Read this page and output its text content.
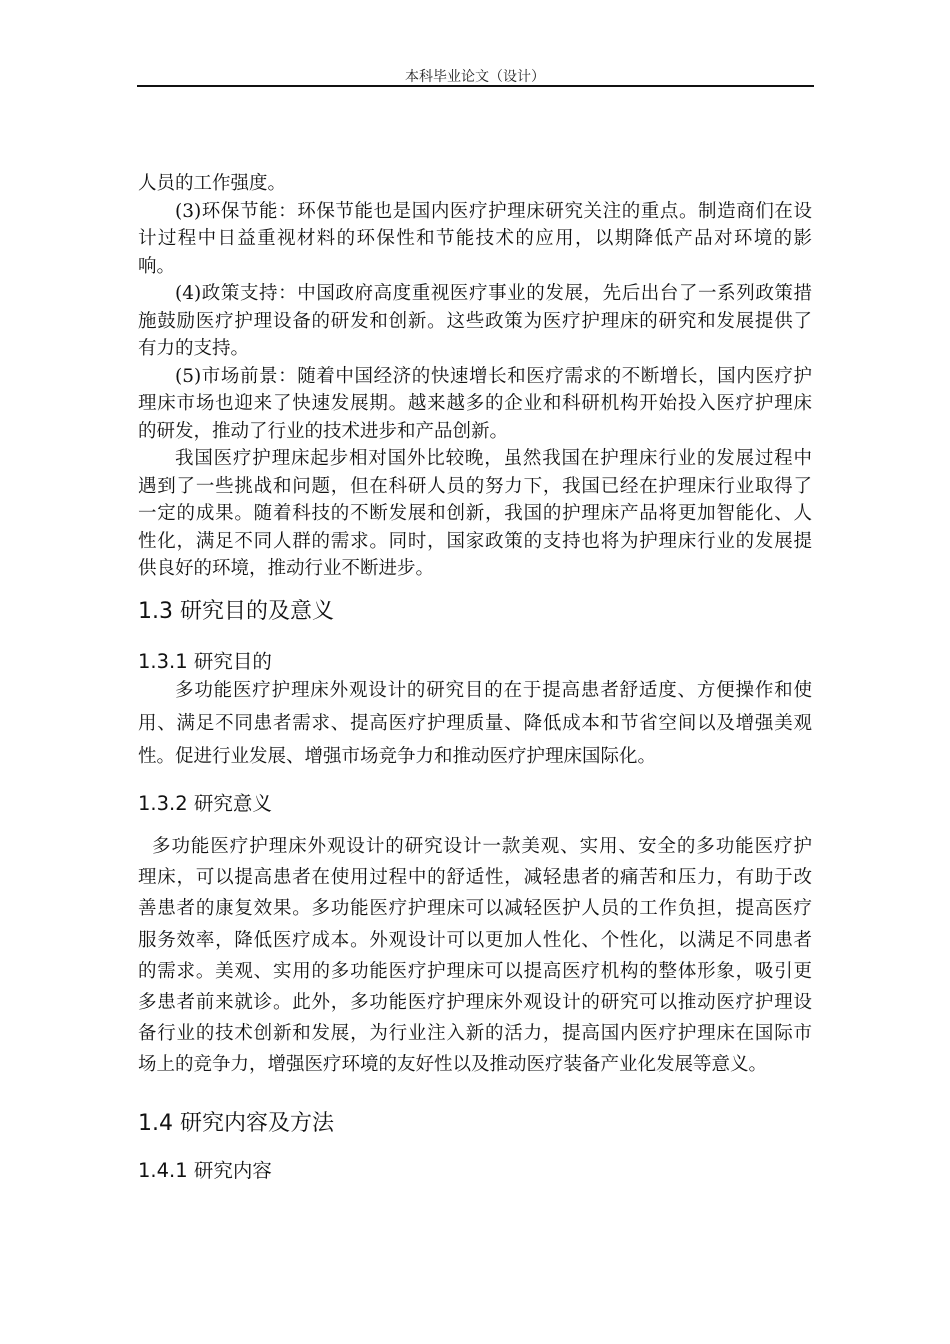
本科毕业论文（设计）
人员的工作强度。
(3)环保节能：环保节能也是国内医疗护理床研究关注的重点。制造商们在设
计过程中日益重视材料的环保性和节能技术的应用，以期降低产品对环境的影
响。
(4)政策支持：中国政府高度重视医疗事业的发展，先后出台了一系列政策措
施鼓励医疗护理设备的研发和创新。这些政策为医疗护理床的研究和发展提供了
有力的支持。
(5)市场前景：随着中国经济的快速增长和医疗需求的不断增长，国内医疗护
理床市场也迎来了快速发展期。越来越多的企业和科研机构开始投入医疗护理床
的研发，推动了行业的技术进步和产品创新。
我国医疗护理床起步相对国外比较晚，虽然我国在护理床行业的发展过程中
遇到了一些挑战和问题，但在科研人员的努力下，我国已经在护理床行业取得了
一定的成果。随着科技的不断发展和创新，我国的护理床产品将更加智能化、人
性化，满足不同人群的需求。同时，国家政策的支持也将为护理床行业的发展提
供良好的环境，推动行业不断进步。
1.3 研究目的及意义
1.3.1 研究目的
多功能医疗护理床外观设计的研究目的在于提高患者舒适度、方便操作和使
用、满足不同患者需求、提高医疗护理质量、降低成本和节省空间以及增强美观
性。促进行业发展、增强市场竞争力和推动医疗护理床国际化。
1.3.2 研究意义
多功能医疗护理床外观设计的研究设计一款美观、实用、安全的多功能医疗护
理床，可以提高患者在使用过程中的舒适性，减轻患者的痛苦和压力，有助于改
善患者的康复效果。多功能医疗护理床可以减轻医护人员的工作负担，提高医疗
服务效率，降低医疗成本。外观设计可以更加人性化、个性化，以满足不同患者
的需求。美观、实用的多功能医疗护理床可以提高医疗机构的整体形象，吸引更
多患者前来就诊。此外，多功能医疗护理床外观设计的研究可以推动医疗护理设
备行业的技术创新和发展，为行业注入新的活力，提高国内医疗护理床在国际市
场上的竞争力，增强医疗环境的友好性以及推动医疗装备产业化发展等意义。
1.4 研究内容及方法
1.4.1 研究内容
